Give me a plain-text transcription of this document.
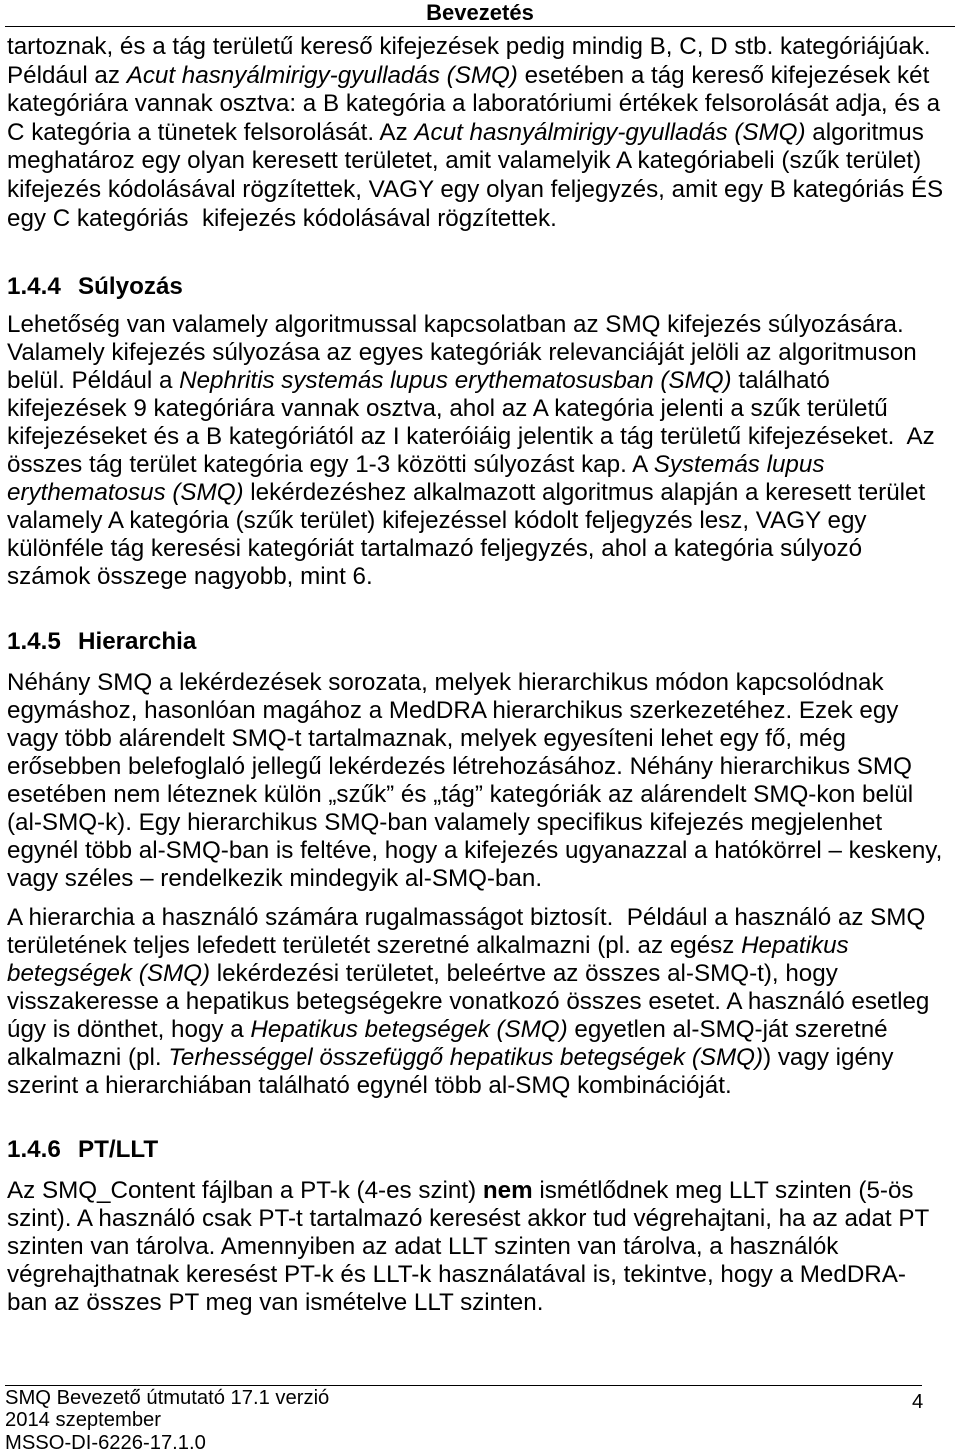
Bevezetés
tartoznak, és a tág területű kereső kifejezések pedig mindig B, C, D stb. kategóriájúak.
Például az Acut hasnyálmirigy-gyulladás (SMQ) esetében a tág kereső kifejezések két
kategóriára vannak osztva: a B kategória a laboratóriumi értékek felsorolását adja, és a
C kategória a tünetek felsorolását. Az Acut hasnyálmirigy-gyulladás (SMQ) algoritmus
meghatároz egy olyan keresett területet, amit valamelyik A kategóriabeli (szűk terület)
kifejezés kódolásával rögzítettek, VAGY egy olyan feljegyzés, amit egy B kategóriás ÉS
egy C kategóriás  kifejezés kódolásával rögzítettek.
1.4.4 Súlyozás
Lehetőség van valamely algoritmussal kapcsolatban az SMQ kifejezés súlyozására.
Valamely kifejezés súlyozása az egyes kategóriák relevanciáját jelöli az algoritmuson
belül. Például a Nephritis systemás lupus erythematosusban (SMQ) található
kifejezések 9 kategóriára vannak osztva, ahol az A kategória jelenti a szűk területű
kifejezéseket és a B kategóriától az I kateróiáig jelentik a tág területű kifejezéseket.  Az
összes tág terület kategória egy 1-3 közötti súlyozást kap. A Systemás lupus
erythematosus (SMQ) lekérdezéshez alkalmazott algoritmus alapján a keresett terület
valamely A kategória (szűk terület) kifejezéssel kódolt feljegyzés lesz, VAGY egy
különféle tág keresési kategóriát tartalmazó feljegyzés, ahol a kategória súlyozó
számok összege nagyobb, mint 6.
1.4.5 Hierarchia
Néhány SMQ a lekérdezések sorozata, melyek hierarchikus módon kapcsolódnak
egymáshoz, hasonlóan magához a MedDRA hierarchikus szerkezetéhez. Ezek egy
vagy több alárendelt SMQ-t tartalmaznak, melyek egyesíteni lehet egy fő, még
erősebben belefoglaló jellegű lekérdezés létrehozásához. Néhány hierarchikus SMQ
esetében nem léteznek külön „szűk” és „tág” kategóriák az alárendelt SMQ-kon belül
(al-SMQ-k). Egy hierarchikus SMQ-ban valamely specifikus kifejezés megjelenhet
egynél több al-SMQ-ban is feltéve, hogy a kifejezés ugyanazzal a hatókörrel – keskeny,
vagy széles – rendelkezik mindegyik al-SMQ-ban.
A hierarchia a használó számára rugalmasságot biztosít.  Például a használó az SMQ
területének teljes lefedett területét szeretné alkalmazni (pl. az egész Hepatikus
betegségek (SMQ) lekérdezési területet, beleértve az összes al-SMQ-t), hogy
visszakeresse a hepatikus betegségekre vonatkozó összes esetet. A használó esetleg
úgy is dönthet, hogy a Hepatikus betegségek (SMQ) egyetlen al-SMQ-ját szeretné
alkalmazni (pl. Terhességgel összefüggő hepatikus betegségek (SMQ)) vagy igény
szerint a hierarchiában található egynél több al-SMQ kombinációját.
1.4.6 PT/LLT
Az SMQ_Content fájlban a PT-k (4-es szint) nem ismétlődnek meg LLT szinten (5-ös
szint). A használó csak PT-t tartalmazó keresést akkor tud végrehajtani, ha az adat PT
szinten van tárolva. Amennyiben az adat LLT szinten van tárolva, a használók
végrehajthatnak keresést PT-k és LLT-k használatával is, tekintve, hogy a MedDRA-
ban az összes PT meg van ismételve LLT szinten.
SMQ Bevezető útmutató 17.1 verzió
2014 szeptember
MSSO-DI-6226-17.1.0
4
